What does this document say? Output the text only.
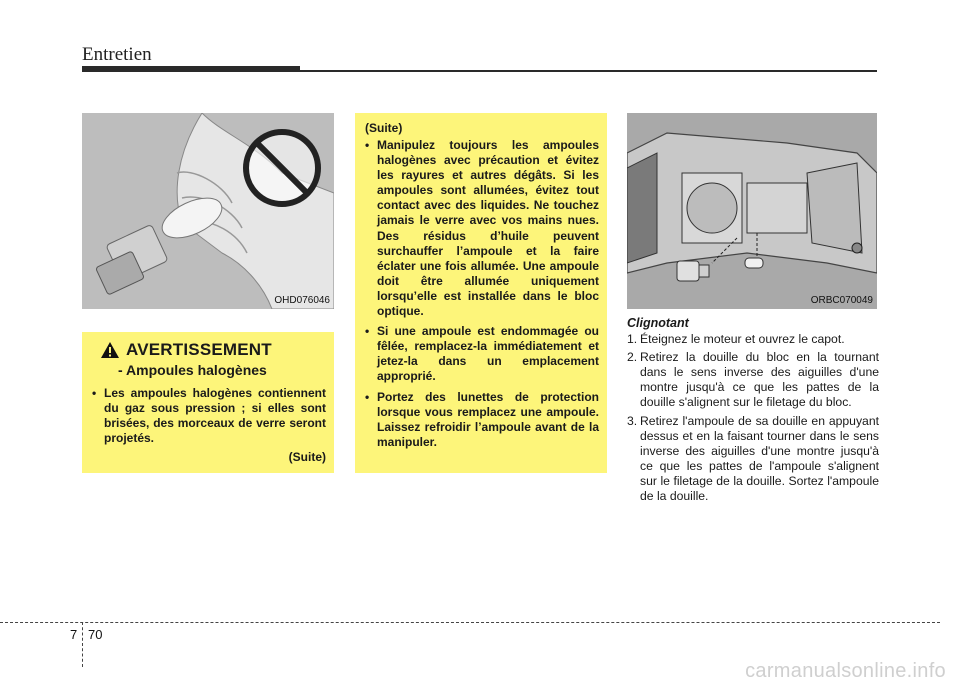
Entretien
OHD076046
AVERTISSEMENT
- Ampoules halogènes
• Les ampoules halogènes contiennent du gaz sous pression ; si elles sont brisées, des morceaux de verre seront projetés.
(Suite)
(Suite)
• Manipulez toujours les ampoules halogènes avec précaution et évitez les rayures et autres dégâts. Si les ampoules sont allumées, évitez tout contact avec des liquides. Ne touchez jamais le verre avec vos mains nues. Des résidus d’huile peuvent surchauffer l’ampoule et la faire éclater une fois allumée. Une ampoule doit être allumée uniquement lorsqu’elle est installée dans le bloc optique.
• Si une ampoule est endommagée ou fêlée, remplacez-la immédiatement et jetez-la dans un emplacement approprié.
• Portez des lunettes de protection lorsque vous remplacez une ampoule. Laissez refroidir l’ampoule avant de la manipuler.
ORBC070049
Clignotant
1. Éteignez le moteur et ouvrez le capot.
2. Retirez la douille du bloc en la tournant dans le sens inverse des aiguilles d'une montre jusqu'à ce que les pattes de la douille s'alignent sur le filetage du bloc.
3. Retirez l'ampoule de sa douille en appuyant dessus et en la faisant tourner dans le sens inverse des aiguilles d'une montre jusqu'à ce que les pattes de l'ampoule s'alignent sur le filetage de la douille. Sortez l'ampoule de la douille.
7 70
carmanualsonline.info
